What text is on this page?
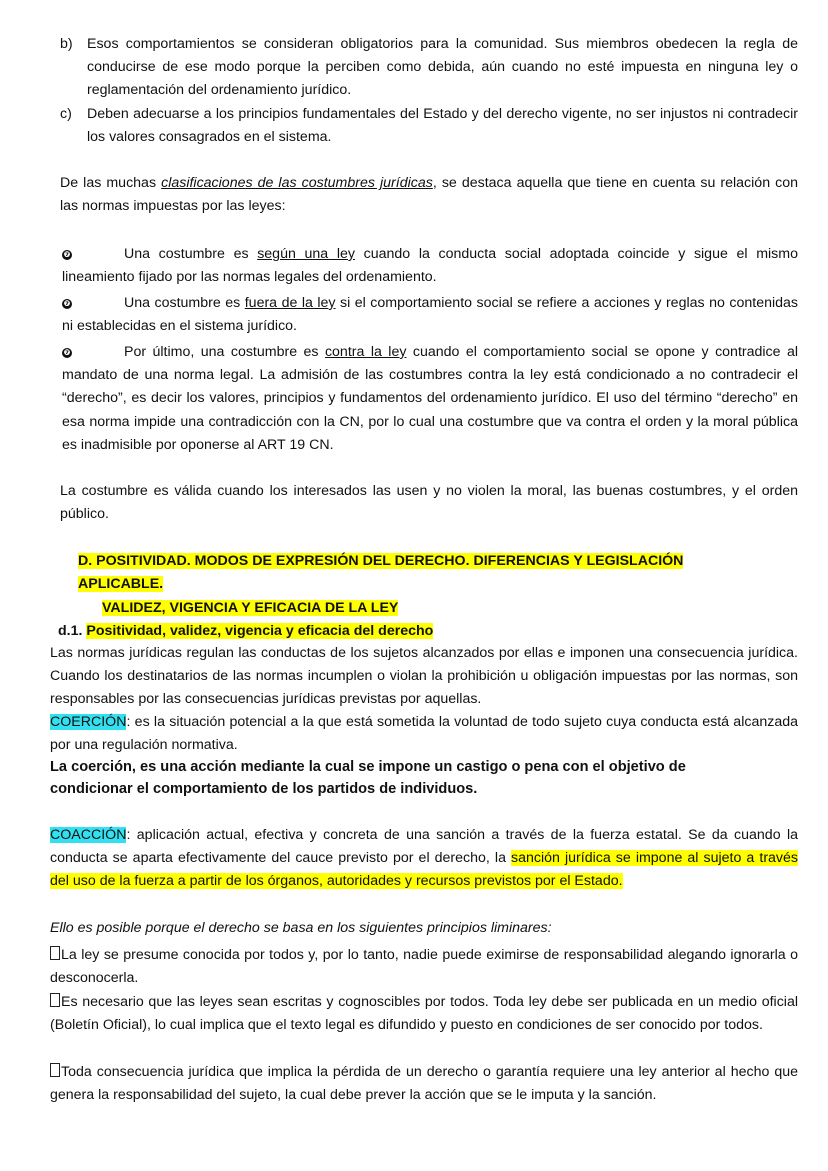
b)	Esos comportamientos se consideran obligatorios para la comunidad. Sus miembros obedecen la regla de conducirse de ese modo porque la perciben como debida, aún cuando no esté impuesta en ninguna ley o reglamentación del ordenamiento jurídico.
c)	Deben adecuarse a los principios fundamentales del Estado y del derecho vigente, no ser injustos ni contradecir los valores consagrados en el sistema.

De las muchas clasificaciones de las costumbres jurídicas, se destaca aquella que tiene en cuenta su relación con las normas impuestas por las leyes:

❼	Una costumbre es según una ley cuando la conducta social adoptada coincide y sigue el mismo lineamiento fijado por las normas legales del ordenamiento.

❼	Una costumbre es fuera de la ley si el comportamiento social se refiere a acciones y reglas no contenidas ni establecidas en el sistema jurídico.

❼	Por último, una costumbre es contra la ley cuando el comportamiento social se opone y contradice al mandato de una norma legal. La admisión de las costumbres contra la ley está condicionado a no contradecir el “derecho”, es decir los valores, principios y fundamentos del ordenamiento jurídico. El uso del término “derecho” en esa norma impide una contradicción con la CN, por lo cual una costumbre que va contra el orden y la moral pública es inadmisible por oponerse al ART 19 CN.

La costumbre es válida cuando los interesados las usen y no violen la moral, las buenas costumbres, y el orden público.

D. POSITIVIDAD. MODOS DE EXPRESIÓN DEL DERECHO. DIFERENCIAS Y LEGISLACIÓN APLICABLE.
VALIDEZ, VIGENCIA Y EFICACIA DE LA LEY
d.1. Positividad, validez, vigencia y eficacia del derecho

Las normas jurídicas regulan las conductas de los sujetos alcanzados por ellas e imponen una consecuencia jurídica. Cuando los destinatarios de las normas incumplen o violan la prohibición u obligación impuestas por las normas, son responsables por las consecuencias jurídicas previstas por aquellas.

COERCIÓN: es la situación potencial a la que está sometida la voluntad de todo sujeto cuya conducta está alcanzada por una regulación normativa.

La coerción, es una acción mediante la cual se impone un castigo o pena con el objetivo de condicionar el comportamiento de los partidos de individuos.

COACCIÓN: aplicación actual, efectiva y concreta de una sanción a través de la fuerza estatal. Se da cuando la conducta se aparta efectivamente del cauce previsto por el derecho, la sanción jurídica se impone al sujeto a través del uso de la fuerza a partir de los órganos, autoridades y recursos previstos por el Estado.

Ello es posible porque el derecho se basa en los siguientes principios liminares:

La ley se presume conocida por todos y, por lo tanto, nadie puede eximirse de responsabilidad alegando ignorarla o desconocerla.

Es necesario que las leyes sean escritas y cognoscibles por todos. Toda ley debe ser publicada en un medio oficial (Boletín Oficial), lo cual implica que el texto legal es difundido y puesto en condiciones de ser conocido por todos.

Toda consecuencia jurídica que implica la pérdida de un derecho o garantía requiere una ley anterior al hecho que genera la responsabilidad del sujeto, la cual debe prever la acción que se le imputa y la sanción.
